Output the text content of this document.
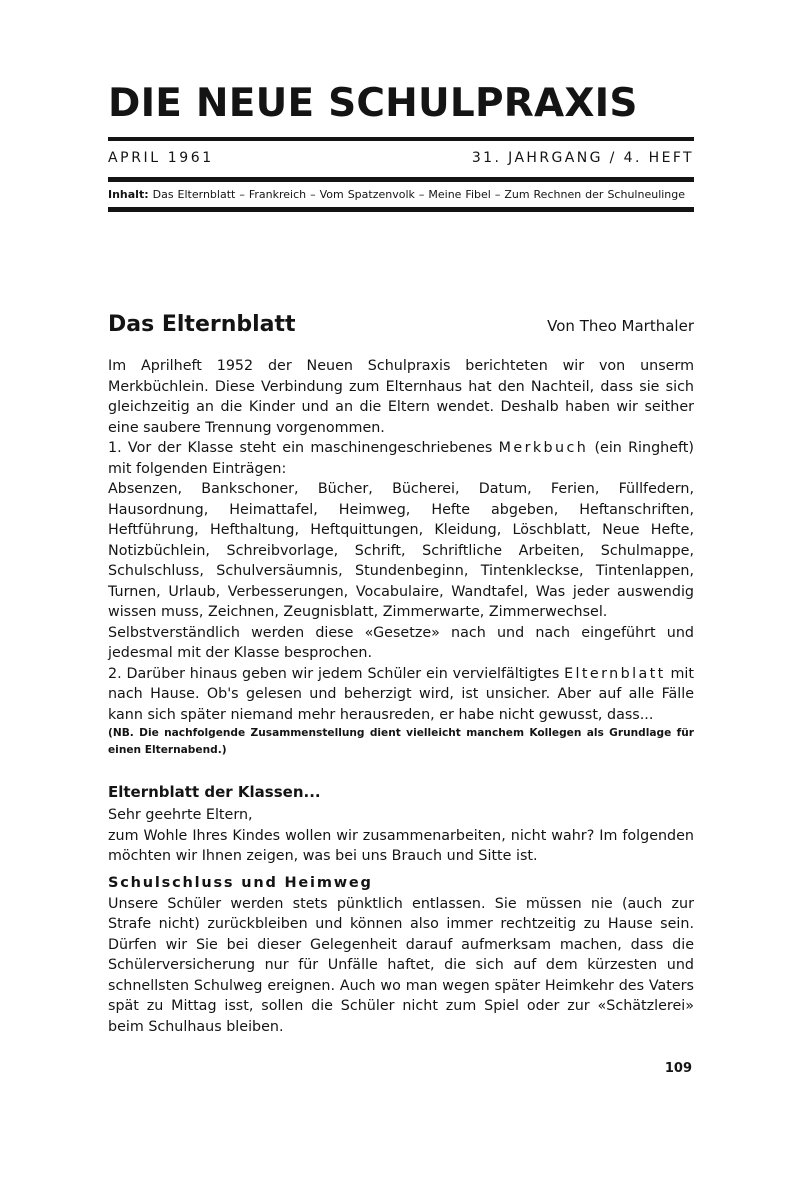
DIE NEUE SCHULPRAXIS
APRIL 1961	31. JAHRGANG / 4. HEFT
Inhalt: Das Elternblatt – Frankreich – Vom Spatzenvolk – Meine Fibel – Zum Rechnen der Schulneulinge
Das Elternblatt	Von Theo Marthaler

Im Aprilheft 1952 der Neuen Schulpraxis berichteten wir von unserm Merkbüchlein. Diese Verbindung zum Elternhaus hat den Nachteil, dass sie sich gleichzeitig an die Kinder und an die Eltern wendet. Deshalb haben wir seither eine saubere Trennung vorgenommen.

1. Vor der Klasse steht ein maschinengeschriebenes Merkbuch (ein Ringheft) mit folgenden Einträgen:

Absenzen, Bankschoner, Bücher, Bücherei, Datum, Ferien, Füllfedern, Hausordnung, Heimattafel, Heimweg, Hefte abgeben, Heftanschriften, Heftführung, Hefthaltung, Heftquittungen, Kleidung, Löschblatt, Neue Hefte, Notizbüchlein, Schreibvorlage, Schrift, Schriftliche Arbeiten, Schulmappe, Schulschluss, Schulversäumnis, Stundenbeginn, Tintenkleckse, Tintenlappen, Turnen, Urlaub, Verbesserungen, Vocabulaire, Wandtafel, Was jeder auswendig wissen muss, Zeichnen, Zeugnisblatt, Zimmerwarte, Zimmerwechsel.

Selbstverständlich werden diese «Gesetze» nach und nach eingeführt und jedesmal mit der Klasse besprochen.

2. Darüber hinaus geben wir jedem Schüler ein vervielfältigtes Elternblatt mit nach Hause. Ob's gelesen und beherzigt wird, ist unsicher. Aber auf alle Fälle kann sich später niemand mehr herausreden, er habe nicht gewusst, dass...

(NB. Die nachfolgende Zusammenstellung dient vielleicht manchem Kollegen als Grundlage für einen Elternabend.)

Elternblatt der Klassen...

Sehr geehrte Eltern,

zum Wohle Ihres Kindes wollen wir zusammenarbeiten, nicht wahr? Im folgenden möchten wir Ihnen zeigen, was bei uns Brauch und Sitte ist.

Schulschluss und Heimweg

Unsere Schüler werden stets pünktlich entlassen. Sie müssen nie (auch zur Strafe nicht) zurückbleiben und können also immer rechtzeitig zu Hause sein. Dürfen wir Sie bei dieser Gelegenheit darauf aufmerksam machen, dass die Schülerversicherung nur für Unfälle haftet, die sich auf dem kürzesten und schnellsten Schulweg ereignen. Auch wo man wegen später Heimkehr des Vaters spät zu Mittag isst, sollen die Schüler nicht zum Spiel oder zur «Schätzlerei» beim Schulhaus bleiben.

109
